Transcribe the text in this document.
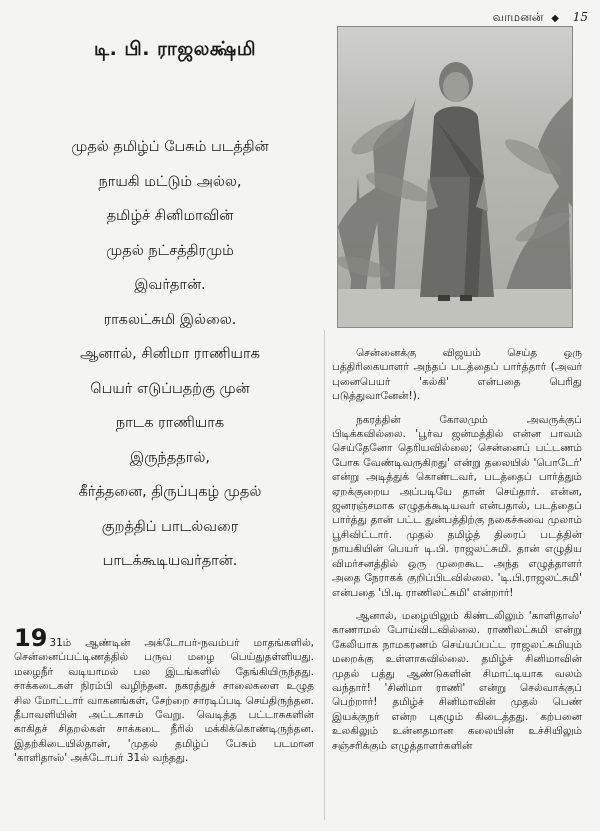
வாமனன் ◆ 15
டி. பி. ராஜலக்ஷ்மி
முதல் தமிழ்ப் பேசும் படத்தின்
நாயகி மட்டும் அல்ல,
தமிழ்ச் சினிமாவின்
முதல் நட்சத்திரமும்
இவர்தான்.
ராகலட்சுமி இல்லை.
ஆனால், சினிமா ராணியாக
பெயர் எடுப்பதற்கு முன்
நாடக ராணியாக
இருந்ததால்,
கீர்த்தனை, திருப்புகழ் முதல்
குறத்திப் பாடல்வரை
பாடக்கூடியவர்தான்.
19 31ம் ஆண்டின் அக்டோபர்-நவம்பர் மாதங்களில், சென்னைப்பட்டிணத்தில் பருவ மழை பெய்துதள்ளியது. மழைநீர் வடியாமல் பல இடங்களில் தேங்கியிருந்தது. சாக்கடைகள் நிரம்பி வழிந்தன. நகரத்துச் சாலைகளை உழுத சில மோட்டார் வாகனங்கள், சேற்றை சாரடிப்படி செய்திருந்தன. தீபாவளியின் அட்டகாசம் வேறு. வெடித்த பட்டாசுகளின் காகிதச் சிதறல்கள் சாக்கடை நீரில் மக்கிக்கொண்டிருந்தன. இதற்கிடையில்தான், 'முதல் தமிழ்ப் பேசும் படமான 'காளிதாஸ்' அக்டோபர் 31ல் வந்தது.

சென்னைக்கு விஜயம் செய்த ஒரு பத்திரிகையாளர் அந்தப் படத்தைப் பார்த்தார் (அவர் புனைபெயர் 'கல்கி' என்பதை பெரிது படுத்துவானேன்!).

நகரத்தின் கோலமும் அவருக்குப் பிடிக்கவில்லை. 'பூர்வ ஜன்மத்தில் என்ன பாவம் செய்தேனோ தெரியவில்லை; சென்னைப் பட்டணம் போக வேண்டிவருகிறது' என்று தலையில் 'பொடேர்' என்று அடித்துக் கொண்டவர், படத்தைப் பார்த்தும் ஏறக்குறைய அப்படியே தான் செய்தார். என்ன, ஜனரஞ்சமாக எழுதக்கூடியவர் என்பதால், படத்தைப் பார்த்து தான் பட்ட துன்பத்திற்கு நகைச்சுவை முலாம் பூசிவிட்டார். முதல் தமிழ்த் திரைப் படத்தின் நாயகியின் பெயர் டி.பி. ராஜலட்சுமி. தான் எழுதிய விமர்சனத்தில் ஒரு முறைகூட அந்த எழுத்தாளர் அதை நேராகக் குறிப்பிடவில்லை. 'டி.பி.ராஜலட்சுமி' என்பதை 'பி.டி ராணிலட்சுமி' என்றார்!

ஆனால், மழையிலும் கிண்டலிலும் 'காளிதாஸ்' காணாமல் போய்விடவில்லை. ராணிலட்சுமி என்று கேலியாக நாமகரணம் செய்யப்பட்ட ராஜலட்சுமியும் மறைக்கு உள்ளாகவில்லை. தமிழ்ச் சினிமாவின் முதல் பத்து ஆண்டுகளின் சிமாட்டியாக வலம் வந்தார்! 'சினிமா ராணி' என்று செல்வாக்குப் பெற்றார்! தமிழ்ச் சினிமாவின் முதல் பெண் இயக்குநர் என்ற புகழும் கிடைத்தது. கற்பனை உலகிலும் உன்னதமான கலையின் உச்சியிலும் சஞ்சரிக்கும் எழுத்தாளர்களின்
